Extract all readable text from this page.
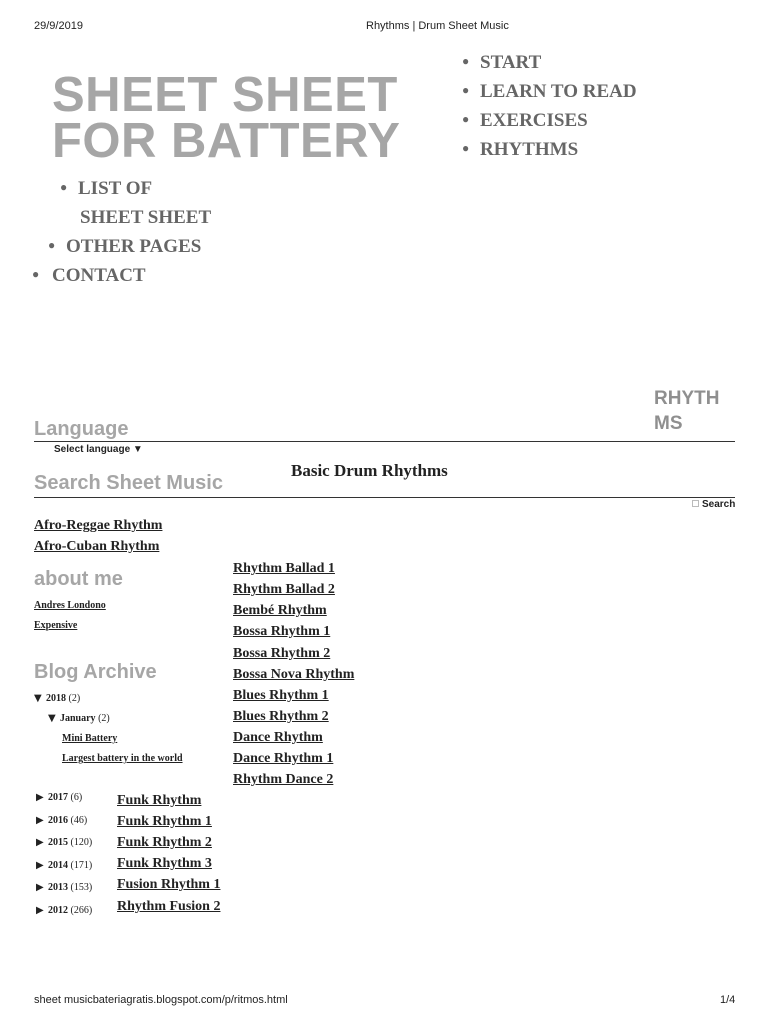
29/9/2019	Rhythms | Drum Sheet Music
SHEET SHEET FOR BATTERY
● START
● LEARN TO READ
● EXERCISES
● RHYTHMS
● LIST OF
SHEET SHEET
● OTHER PAGES
● CONTACT
RHYTH MS
Language
Select language ▼
Basic Drum Rhythms
Search Sheet Music
Search
Afro-Reggae Rhythm
Afro-Cuban Rhythm
about me
Andres Londono
Expensive
Blog Archive
▼ 2018 (2)
▼ January (2)
Mini Battery
Largest battery in the world
▶ 2017 (6)
▶ 2016 (46)
▶ 2015 (120)
▶ 2014 (171)
▶ 2013 (153)
▶ 2012 (266)
Rhythm Ballad 1
Rhythm Ballad 2
Bembé Rhythm
Bossa Rhythm 1
Bossa Rhythm 2
Bossa Nova Rhythm
Blues Rhythm 1
Blues Rhythm 2
Dance Rhythm
Dance Rhythm 1
Rhythm Dance 2
Funk Rhythm
Funk Rhythm 1
Funk Rhythm 2
Funk Rhythm 3
Fusion Rhythm 1
Rhythm Fusion 2
sheet musicbateriagratis.blogspot.com/p/ritmos.html	1/4
